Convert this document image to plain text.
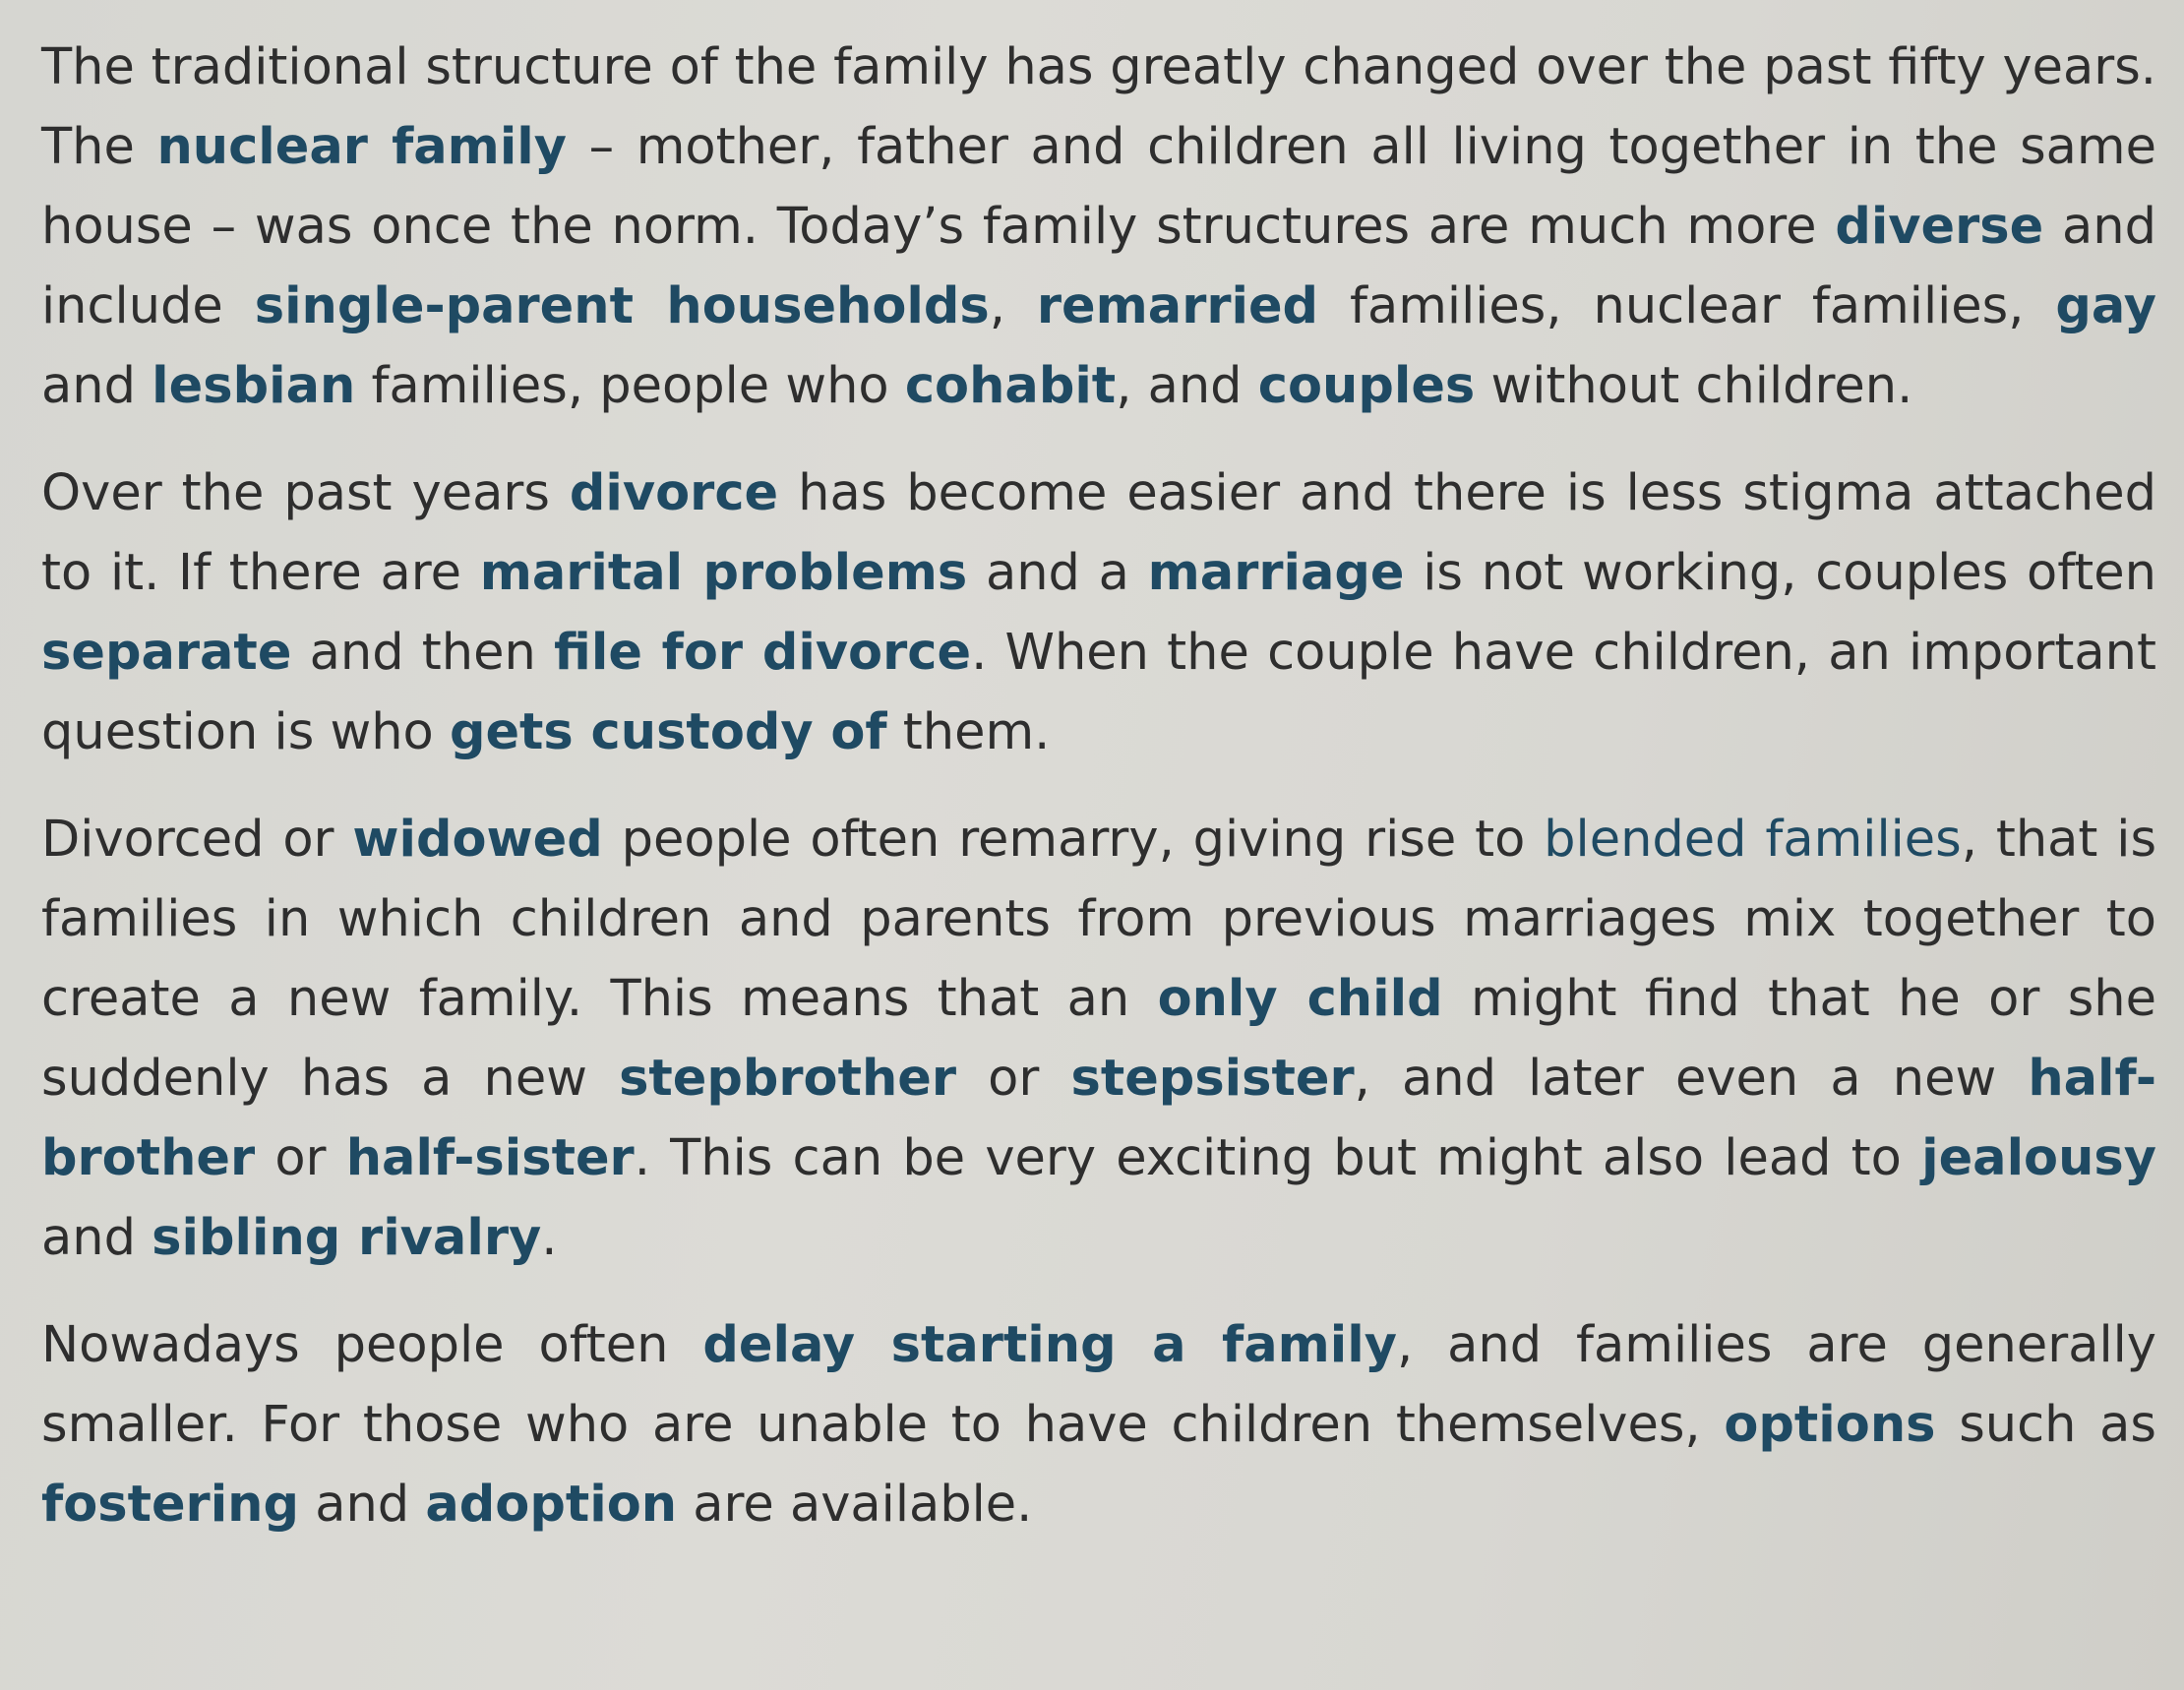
The traditional structure of the family has greatly changed over the past fifty years. The nuclear family – mother, father and children all living together in the same house – was once the norm. Today’s family structures are much more diverse and include single-parent households, remarried families, nuclear families, gay and lesbian families, people who cohabit, and couples without children.

Over the past years divorce has become easier and there is less stigma attached to it. If there are marital problems and a marriage is not working, couples often separate and then file for divorce. When the couple have children, an important question is who gets custody of them.

Divorced or widowed people often remarry, giving rise to blended families, that is families in which children and parents from previous marriages mix together to create a new family. This means that an only child might find that he or she suddenly has a new stepbrother or stepsister, and later even a new half-brother or half-sister. This can be very exciting but might also lead to jealousy and sibling rivalry.

Nowadays people often delay starting a family, and families are generally smaller. For those who are unable to have children themselves, options such as fostering and adoption are available.
